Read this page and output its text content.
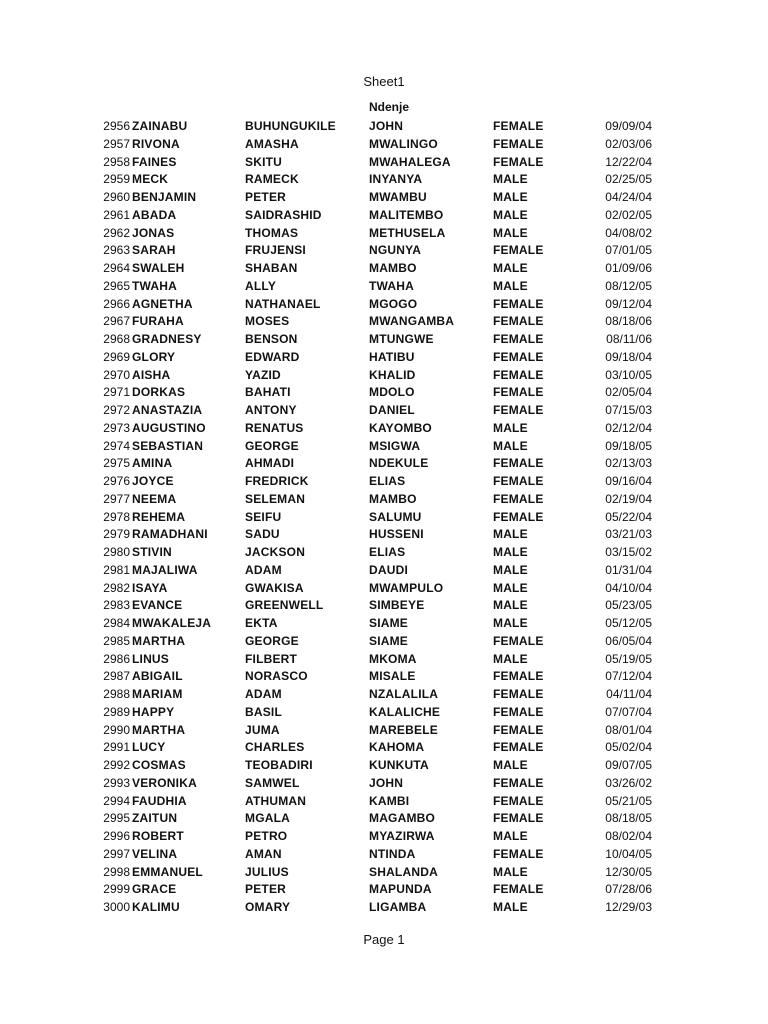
Sheet1
Ndenje
2956 ZAINABU	BUHUNGUKILE	JOHN	FEMALE	09/09/04
2957 RIVONA	AMASHA	MWALINGO	FEMALE	02/03/06
2958 FAINES	SKITU	MWAHALEGA	FEMALE	12/22/04
2959 MECK	RAMECK	INYANYA	MALE	02/25/05
2960 BENJAMIN	PETER	MWAMBU	MALE	04/24/04
2961 ABADA	SAIDRASHID	MALITEMBO	MALE	02/02/05
2962 JONAS	THOMAS	METHUSELA	MALE	04/08/02
2963 SARAH	FRUJENSI	NGUNYA	FEMALE	07/01/05
2964 SWALEH	SHABAN	MAMBO	MALE	01/09/06
2965 TWAHA	ALLY	TWAHA	MALE	08/12/05
2966 AGNETHA	NATHANAEL	MGOGO	FEMALE	09/12/04
2967 FURAHA	MOSES	MWANGAMBA	FEMALE	08/18/06
2968 GRADNESY	BENSON	MTUNGWE	FEMALE	08/11/06
2969 GLORY	EDWARD	HATIBU	FEMALE	09/18/04
2970 AISHA	YAZID	KHALID	FEMALE	03/10/05
2971 DORKAS	BAHATI	MDOLO	FEMALE	02/05/04
2972 ANASTAZIA	ANTONY	DANIEL	FEMALE	07/15/03
2973 AUGUSTINO	RENATUS	KAYOMBO	MALE	02/12/04
2974 SEBASTIAN	GEORGE	MSIGWA	MALE	09/18/05
2975 AMINA	AHMADI	NDEKULE	FEMALE	02/13/03
2976 JOYCE	FREDRICK	ELIAS	FEMALE	09/16/04
2977 NEEMA	SELEMAN	MAMBO	FEMALE	02/19/04
2978 REHEMA	SEIFU	SALUMU	FEMALE	05/22/04
2979 RAMADHANI	SADU	HUSSENI	MALE	03/21/03
2980 STIVIN	JACKSON	ELIAS	MALE	03/15/02
2981 MAJALIWA	ADAM	DAUDI	MALE	01/31/04
2982 ISAYA	GWAKISA	MWAMPULO	MALE	04/10/04
2983 EVANCE	GREENWELL	SIMBEYE	MALE	05/23/05
2984 MWAKALEJA	EKTA	SIAME	MALE	05/12/05
2985 MARTHA	GEORGE	SIAME	FEMALE	06/05/04
2986 LINUS	FILBERT	MKOMA	MALE	05/19/05
2987 ABIGAIL	NORASCO	MISALE	FEMALE	07/12/04
2988 MARIAM	ADAM	NZALALILA	FEMALE	04/11/04
2989 HAPPY	BASIL	KALALICHE	FEMALE	07/07/04
2990 MARTHA	JUMA	MAREBELE	FEMALE	08/01/04
2991 LUCY	CHARLES	KAHOMA	FEMALE	05/02/04
2992 COSMAS	TEOBADIRI	KUNKUTA	MALE	09/07/05
2993 VERONIKA	SAMWEL	JOHN	FEMALE	03/26/02
2994 FAUDHIA	ATHUMAN	KAMBI	FEMALE	05/21/05
2995 ZAITUN	MGALA	MAGAMBO	FEMALE	08/18/05
2996 ROBERT	PETRO	MYAZIRWA	MALE	08/02/04
2997 VELINA	AMAN	NTINDA	FEMALE	10/04/05
2998 EMMANUEL	JULIUS	SHALANDA	MALE	12/30/05
2999 GRACE	PETER	MAPUNDA	FEMALE	07/28/06
3000 KALIMU	OMARY	LIGAMBA	MALE	12/29/03
Page 1
